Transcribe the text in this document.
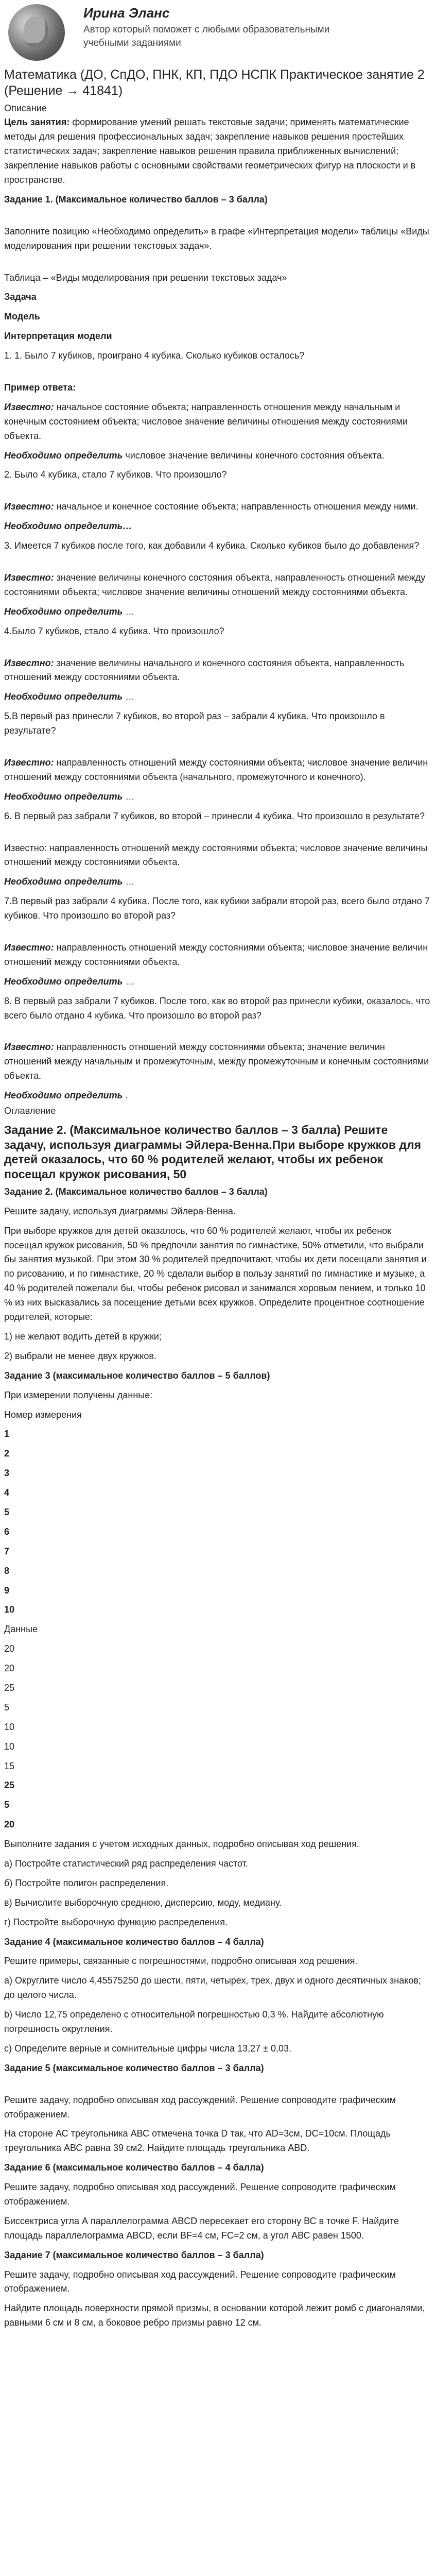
Ирина Эланс
Автор который поможет с любыми образовательными учебными заданиями
Математика (ДО, СпДО, ПНК, КП, ПДО НСПК Практическое занятие 2 (Решение → 41841)
Описание

Цель занятия: формирование умений решать текстовые задачи; применять математические методы для решения профессиональных задач; закрепление навыков решения простейших статистических задач; закрепление навыков решения правила приближенных вычислений; закрепление навыков работы с основными свойствами геометрических фигур на плоскости и в пространстве.

Задание 1. (Максимальное количество баллов – 3 балла)

Заполните позицию «Необходимо определить» в графе «Интерпретация модели» таблицы «Виды моделирования при решении текстовых задач».

Таблица – «Виды моделирования при решении текстовых задач»

Задача
Модель
Интерпретация модели

1. 1. Было 7 кубиков, проиграно 4 кубика. Сколько кубиков осталось?

Пример ответа:

Известно: начальное состояние объекта; направленность отношения между начальным и конечным состоянием объекта; числовое значение величины отношения между состояниями объекта.

Необходимо определить числовое значение величины конечного состояния объекта.

2. Было 4 кубика, стало 7 кубиков. Что произошло?

Известно: начальное и конечное состояние объекта; направленность отношения между ними.

Необходимо определить…

3. Имеется 7 кубиков после того, как добавили 4 кубика. Сколько кубиков было до добавления?

Известно: значение величины конечного состояния объекта, направленность отношений между состояниями объекта; числовое значение величины отношений между состояниями объекта.

Необходимо определить …

4.Было 7 кубиков, стало 4 кубика. Что произошло?

Известно: значение величины начального и конечного состояния объекта, направленность отношений между состояниями объекта.

Необходимо определить …

5.В первый раз принесли 7 кубиков, во второй раз – забрали 4 кубика. Что произошло в результате?

Известно: направленность отношений между состояниями объекта; числовое значение величин отношений между состояниями объекта (начального, промежуточного и конечного).

Необходимо определить …

6. В первый раз забрали 7 кубиков, во второй – принесли 4 кубика. Что произошло в результате?

Известно: направленность отношений между состояниями объекта; числовое значение величины отношений между состояниями объекта.

Необходимо определить …

7.В первый раз забрали 4 кубика. После того, как кубики забрали второй раз, всего было отдано 7 кубиков. Что произошло во второй раз?

Известно: направленность отношений между состояниями объекта; числовое значение величин отношений между состояниями объекта.

Необходимо определить …

8. В первый раз забрали 7 кубиков. После того, как во второй раз принесли кубики, оказалось, что всего было отдано 4 кубика. Что произошло во второй раз?

Известно: направленность отношений между состояниями объекта; значение величин отношений между начальным и промежуточным, между промежуточным и конечным состояниями объекта.

Необходимо определить .

Оглавление
Задание 2. (Максимальное количество баллов – 3 балла) Решите задачу, используя диаграммы Эйлера-Венна.При выборе кружков для детей оказалось, что 60 % родителей желают, чтобы их ребенок посещал кружок рисования, 50
Задание 2. (Максимальное количество баллов – 3 балла)

Решите задачу, используя диаграммы Эйлера-Венна.

При выборе кружков для детей оказалось, что 60 % родителей желают, чтобы их ребенок посещал кружок рисования, 50 % предпочли занятия по гимнастике, 50% отметили, что выбрали бы занятия музыкой. При этом 30 % родителей предпочитают, чтобы их дети посещали занятия и по рисованию, и по гимнастике, 20 % сделали выбор в пользу занятий по гимнастике и музыке, а 40 % родителей пожелали бы, чтобы ребенок рисовал и занимался хоровым пением, и только 10 % из них высказались за посещение детьми всех кружков. Определите процентное соотношение родителей, которые:

1) не желают водить детей в кружки;

2) выбрали не менее двух кружков.

Задание 3 (максимальное количество баллов – 5 баллов)

При измерении получены данные:

Номер измерения

1

2

3

4

5

6

7

8

9

10

Данные

20

20

25

5

10

10

15

25

5

20

Выполните задания с учетом исходных данных, подробно описывая ход решения.

а) Постройте статистический ряд распределения частот.

б) Постройте полигон распределения.

в) Вычислите выборочную среднюю, дисперсию, моду, медиану.

г) Постройте выборочную функцию распределения.

Задание 4 (максимальное количество баллов – 4 балла)

Решите примеры, связанные с погрешностями, подробно описывая ход решения.

а) Округлите число 4,45575250 до шести, пяти, четырех, трех, двух и одного десятичных знаков; до целого числа.

b) Число 12,75 определено с относительной погрешностью 0,3 %. Найдите абсолютную погрешность округления.

с) Определите верные и сомнительные цифры числа 13,27 ± 0,03.

Задание 5 (максимальное количество баллов – 3 балла)

Решите задачу, подробно описывая ход рассуждений. Решение сопроводите графическим отображением.

На стороне АС треугольника АВС отмечена точка D так, что AD=3см, DC=10см. Площадь треугольника АВС равна 39 см2. Найдите площадь треугольника ABD.

Задание 6 (максимальное количество баллов – 4 балла)

Решите задачу, подробно описывая ход рассуждений. Решение сопроводите графическим отображением.

Биссектриса угла А параллелограмма ABCD пересекает его сторону ВС в точке F. Найдите площадь параллелограмма ABCD, если BF=4 см, FC=2 см, а угол АВС равен 1500.

Задание 7 (максимальное количество баллов – 3 балла)

Решите задачу, подробно описывая ход рассуждений. Решение сопроводите графическим отображением.

Найдите площадь поверхности прямой призмы, в основании которой лежит ромб с диагоналями, равными 6 см и 8 см, а боковое ребро призмы равно 12 см.
